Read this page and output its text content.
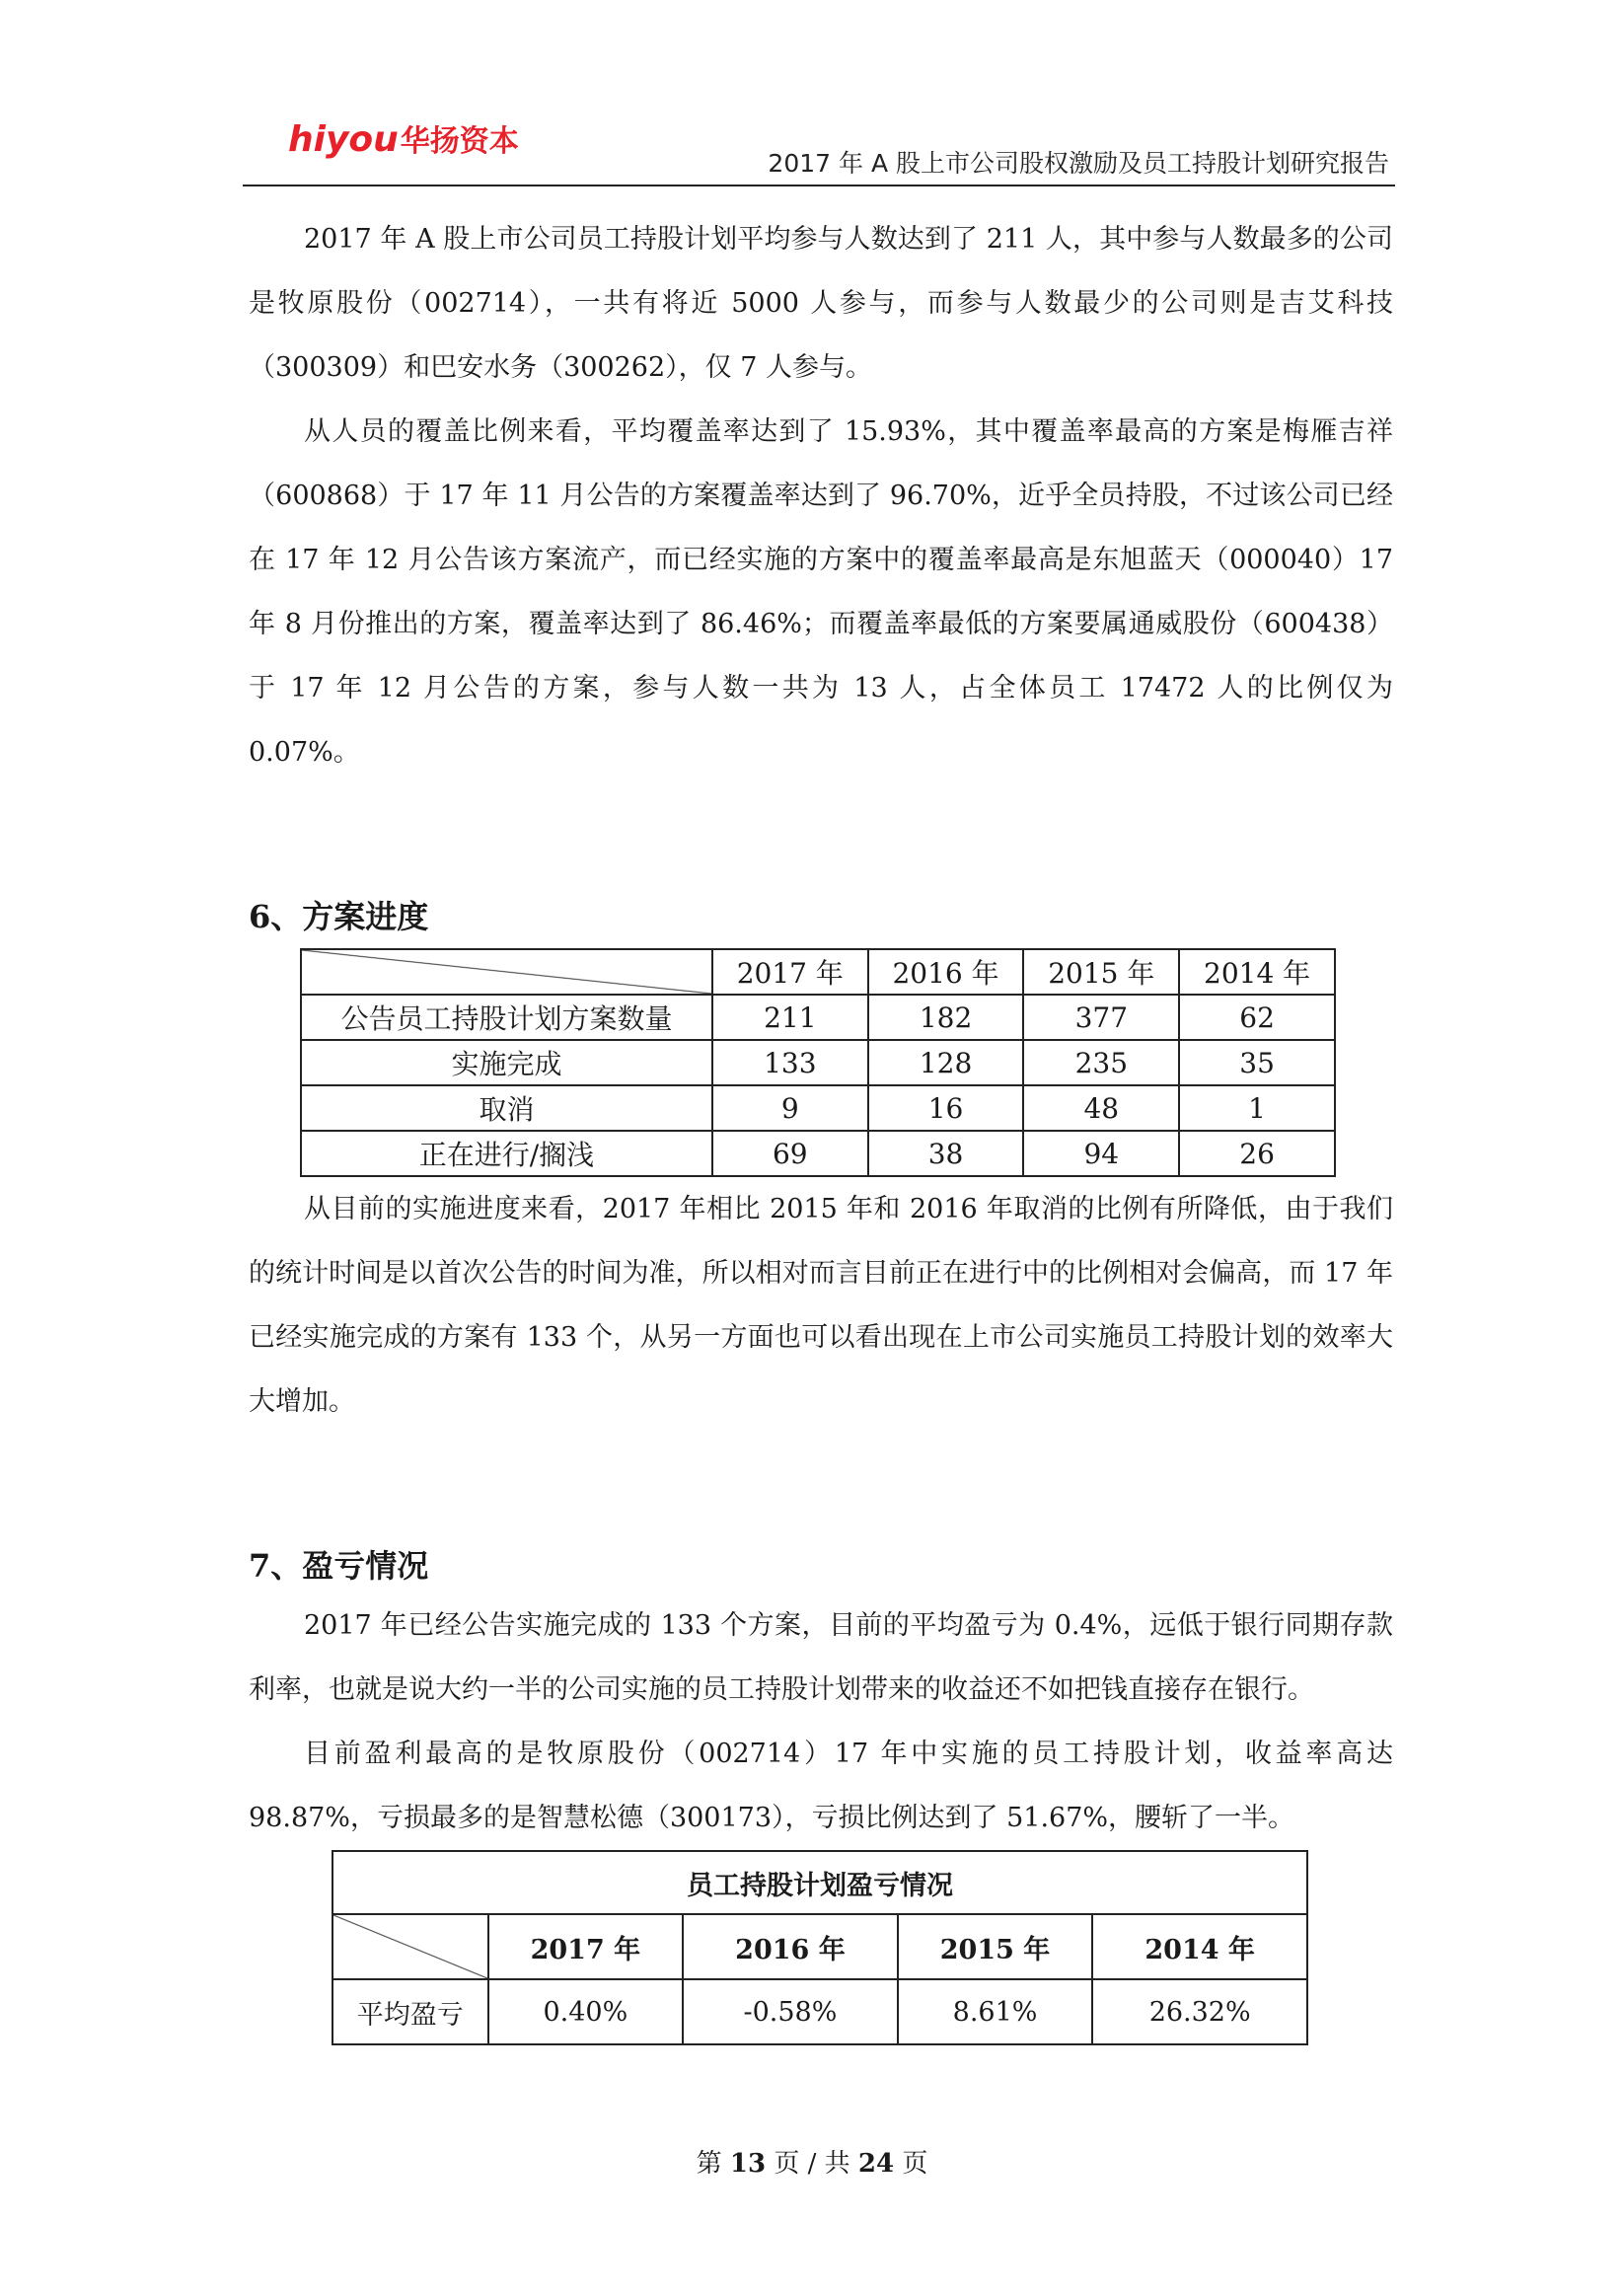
hiyou华扬资本
2017 年 A 股上市公司股权激励及员工持股计划研究报告

2017 年 A 股上市公司员工持股计划平均参与人数达到了 211 人，其中参与人数最多的公司是牧原股份（002714），一共有将近 5000 人参与，而参与人数最少的公司则是吉艾科技（300309）和巴安水务（300262），仅 7 人参与。

从人员的覆盖比例来看，平均覆盖率达到了 15.93%，其中覆盖率最高的方案是梅雁吉祥（600868）于 17 年 11 月公告的方案覆盖率达到了 96.70%，近乎全员持股，不过该公司已经在 17 年 12 月公告该方案流产，而已经实施的方案中的覆盖率最高是东旭蓝天（000040）17 年 8 月份推出的方案，覆盖率达到了 86.46%；而覆盖率最低的方案要属通威股份（600438）于 17 年 12 月公告的方案，参与人数一共为 13 人，占全体员工 17472 人的比例仅为 0.07%。

6、方案进度
	2017 年	2016 年	2015 年	2014 年
公告员工持股计划方案数量	211	182	377	62
实施完成	133	128	235	35
取消	9	16	48	1
正在进行/搁浅	69	38	94	26

从目前的实施进度来看，2017 年相比 2015 年和 2016 年取消的比例有所降低，由于我们的统计时间是以首次公告的时间为准，所以相对而言目前正在进行中的比例相对会偏高，而 17 年已经实施完成的方案有 133 个，从另一方面也可以看出现在上市公司实施员工持股计划的效率大大增加。

7、盈亏情况

2017 年已经公告实施完成的 133 个方案，目前的平均盈亏为 0.4%，远低于银行同期存款利率，也就是说大约一半的公司实施的员工持股计划带来的收益还不如把钱直接存在银行。

目前盈利最高的是牧原股份（002714）17 年中实施的员工持股计划，收益率高达 98.87%，亏损最多的是智慧松德（300173），亏损比例达到了 51.67%，腰斩了一半。

员工持股计划盈亏情况				
	2017 年	2016 年	2015 年	2014 年
平均盈亏	0.40%	-0.58%	8.61%	26.32%
第 13 页 / 共 24 页
